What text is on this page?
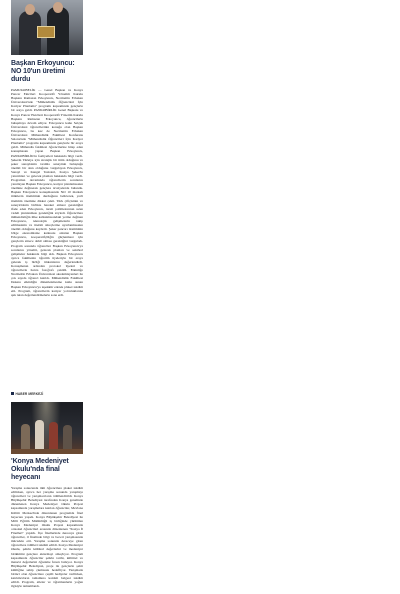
Başkan Erkoyuncu: NO 10'un üretimi durdu

PAMUKOBELİK — Genel Başkan ve Konya Pancar Ekicileri Kooperatifi Yönetim Kurulu Başkanı Ramazan Erkoyuncu, Necmettin Erbakan Üniversitesi'nde "Mühendislik Öğrencileri İçin Kariyer Planlama" programı kapsamında gençlerle bir araya geldi. PANKOBİRLİK Genel Başkanı ve Konya Pancar Ekicileri Kooperatifi Yönetim Kurulu Başkanı Ramazan Erkoyuncu, öğrencilerle buluşmaya devam ediyor. Erkoyuncu katkı Selçuk Üniversitesi öğrencilerinin konuğu olan Başkan Erkoyuncu, bu kez de Necmettin Erbakan Üniversitesi Mühendislik Fakültesi Konferans Salonu'nda "Mühendislik Öğrencileri İçin Kariyer Planlama" programı kapsamında gençlerle bir araya geldi. Mühendis fakültesi öğrencilerine hitap eden konuşmasını yapan Başkan Erkoyuncu, PANKOBİRLİK'in faaliyetleri hakkında bilgi verdi. Şekerin Türkiye için stratejik bir ürün olduğunu ve şeker sanayisinin tarımla sanayinin buluştuğu önemli bir alan olduğunu vurgulayan Erkoyuncu, Sanayi ve Kangal Tesisleri, Konya Şeker'in yatırımları ve gelecek planları hakkında bilgi verdi. Programın devamında öğrencilerin sorularını yanıtlayan Başkan Erkoyuncu, kariyer planlamasının önemine değinerek gençlere tavsiyelerde bulundu. Başkan Erkoyuncu konuşmasında NO 10 markalı ürünlerin üretiminin durduğunu belirterek, yerli üretimin önemine dikkat çekti. Türk çiftçisinin ve sanayicisinin birlikte hareket etmesi gerektiğini ifade eden Erkoyuncu, tarım politikalarının uzun vadeli planlanması gerektiğini söyledi. Öğrencilere mühendisliğin ülke kalkınmasındaki yerine değinen Erkoyuncu, teknolojik gelişmelerin takip edilmesinin ve üretim süreçlerine uyarlanmasının önemli olduğunu kaydetti. Şeker pancarı üretiminin bölge ekonomisine katkısını anlatan Başkan Erkoyuncu, kooperatifçiliğin güçlenmesi için gençlerin sürece dahil olması gerektiğini vurguladı. Program sonunda öğrenciler Başkan Erkoyuncu'ya sorularını yöneltti, gelecek planları ve sektörel gelişmeler hakkında bilgi aldı. Başkan Erkoyuncu ayrıca fakültenin öğretim üyeleriyle bir araya gelerek iş birliği imkanlarını değerlendirdi. Konuşmanın ardından protokol üyeleri ve öğrencilerle hatıra fotoğrafı çekildi. Etkinliğe Necmettin Erbakan Üniversitesi akademisyenleri ile çok sayıda öğrenci katıldı. Mühendislik Fakültesi Dekanı etkinliğin düzenlenmesine katkı sunan Başkan Erkoyuncu'ya teşekkür ederek plaket takdim etti. Program, öğrencilerin kariyer yolculuklarına ışık tutan değerlendirmelerle sona erdi.

HABER MERKEZİ
'Konya Medeniyet Okulu'nda final heyecanı

Yarışma sonucunda tüm öğrencilere plaket takdim edilirken, ayrıca her yarışma sonunda yarışmayı öğrencileri ve yarışmacıların ödüllendirildi. Konya Büyükşehir Belediyesi tarafından Konya genelinde düzenlenen Konya Medeniyet Okulu Projesi kapsamında yarışmalara katılan öğrenciler, Mevlana Kültür Merkezi'nde düzenlenen programda final heyecanı yaşadı. Konya Büyükşehir Belediyesi ile Milli Eğitim Müdürlüğü iş birliğinde yürütülen Konya Medeniyet Okulu Projesi kapsamında ortaokul öğrencileri arasında düzenlenen "Konya İl Finalleri" yapıldı. İlçe finallerinde dereceye giren öğrenciler, il finalinde bilgi ve beceri yarışmasında mücadele etti. Yarışma sonunda dereceye giren öğrencilere ödülleri takdim edildi. Konya Medeniyet Okulu, şehrin kültürel değerlerini ve medeniyet birikimini gençlere aktarmayı amaçlıyor. Program kapsamında öğrenciler şehrin tarihi, kültürel ve manevi değerlerini öğrenme fırsatı buluyor. Konya Büyükşehir Belediyesi, proje ile gençlerin şehir kimliğine sahip çıkmasını hedefliyor. Yarışmada birinci olan öğrencilere çeşitli hediyeler verilirken, katılımcıların tamamına katılım belgesi takdim edildi. Program, aileler ve öğretmenlerin yoğun ilgisiyle tamamlandı.
